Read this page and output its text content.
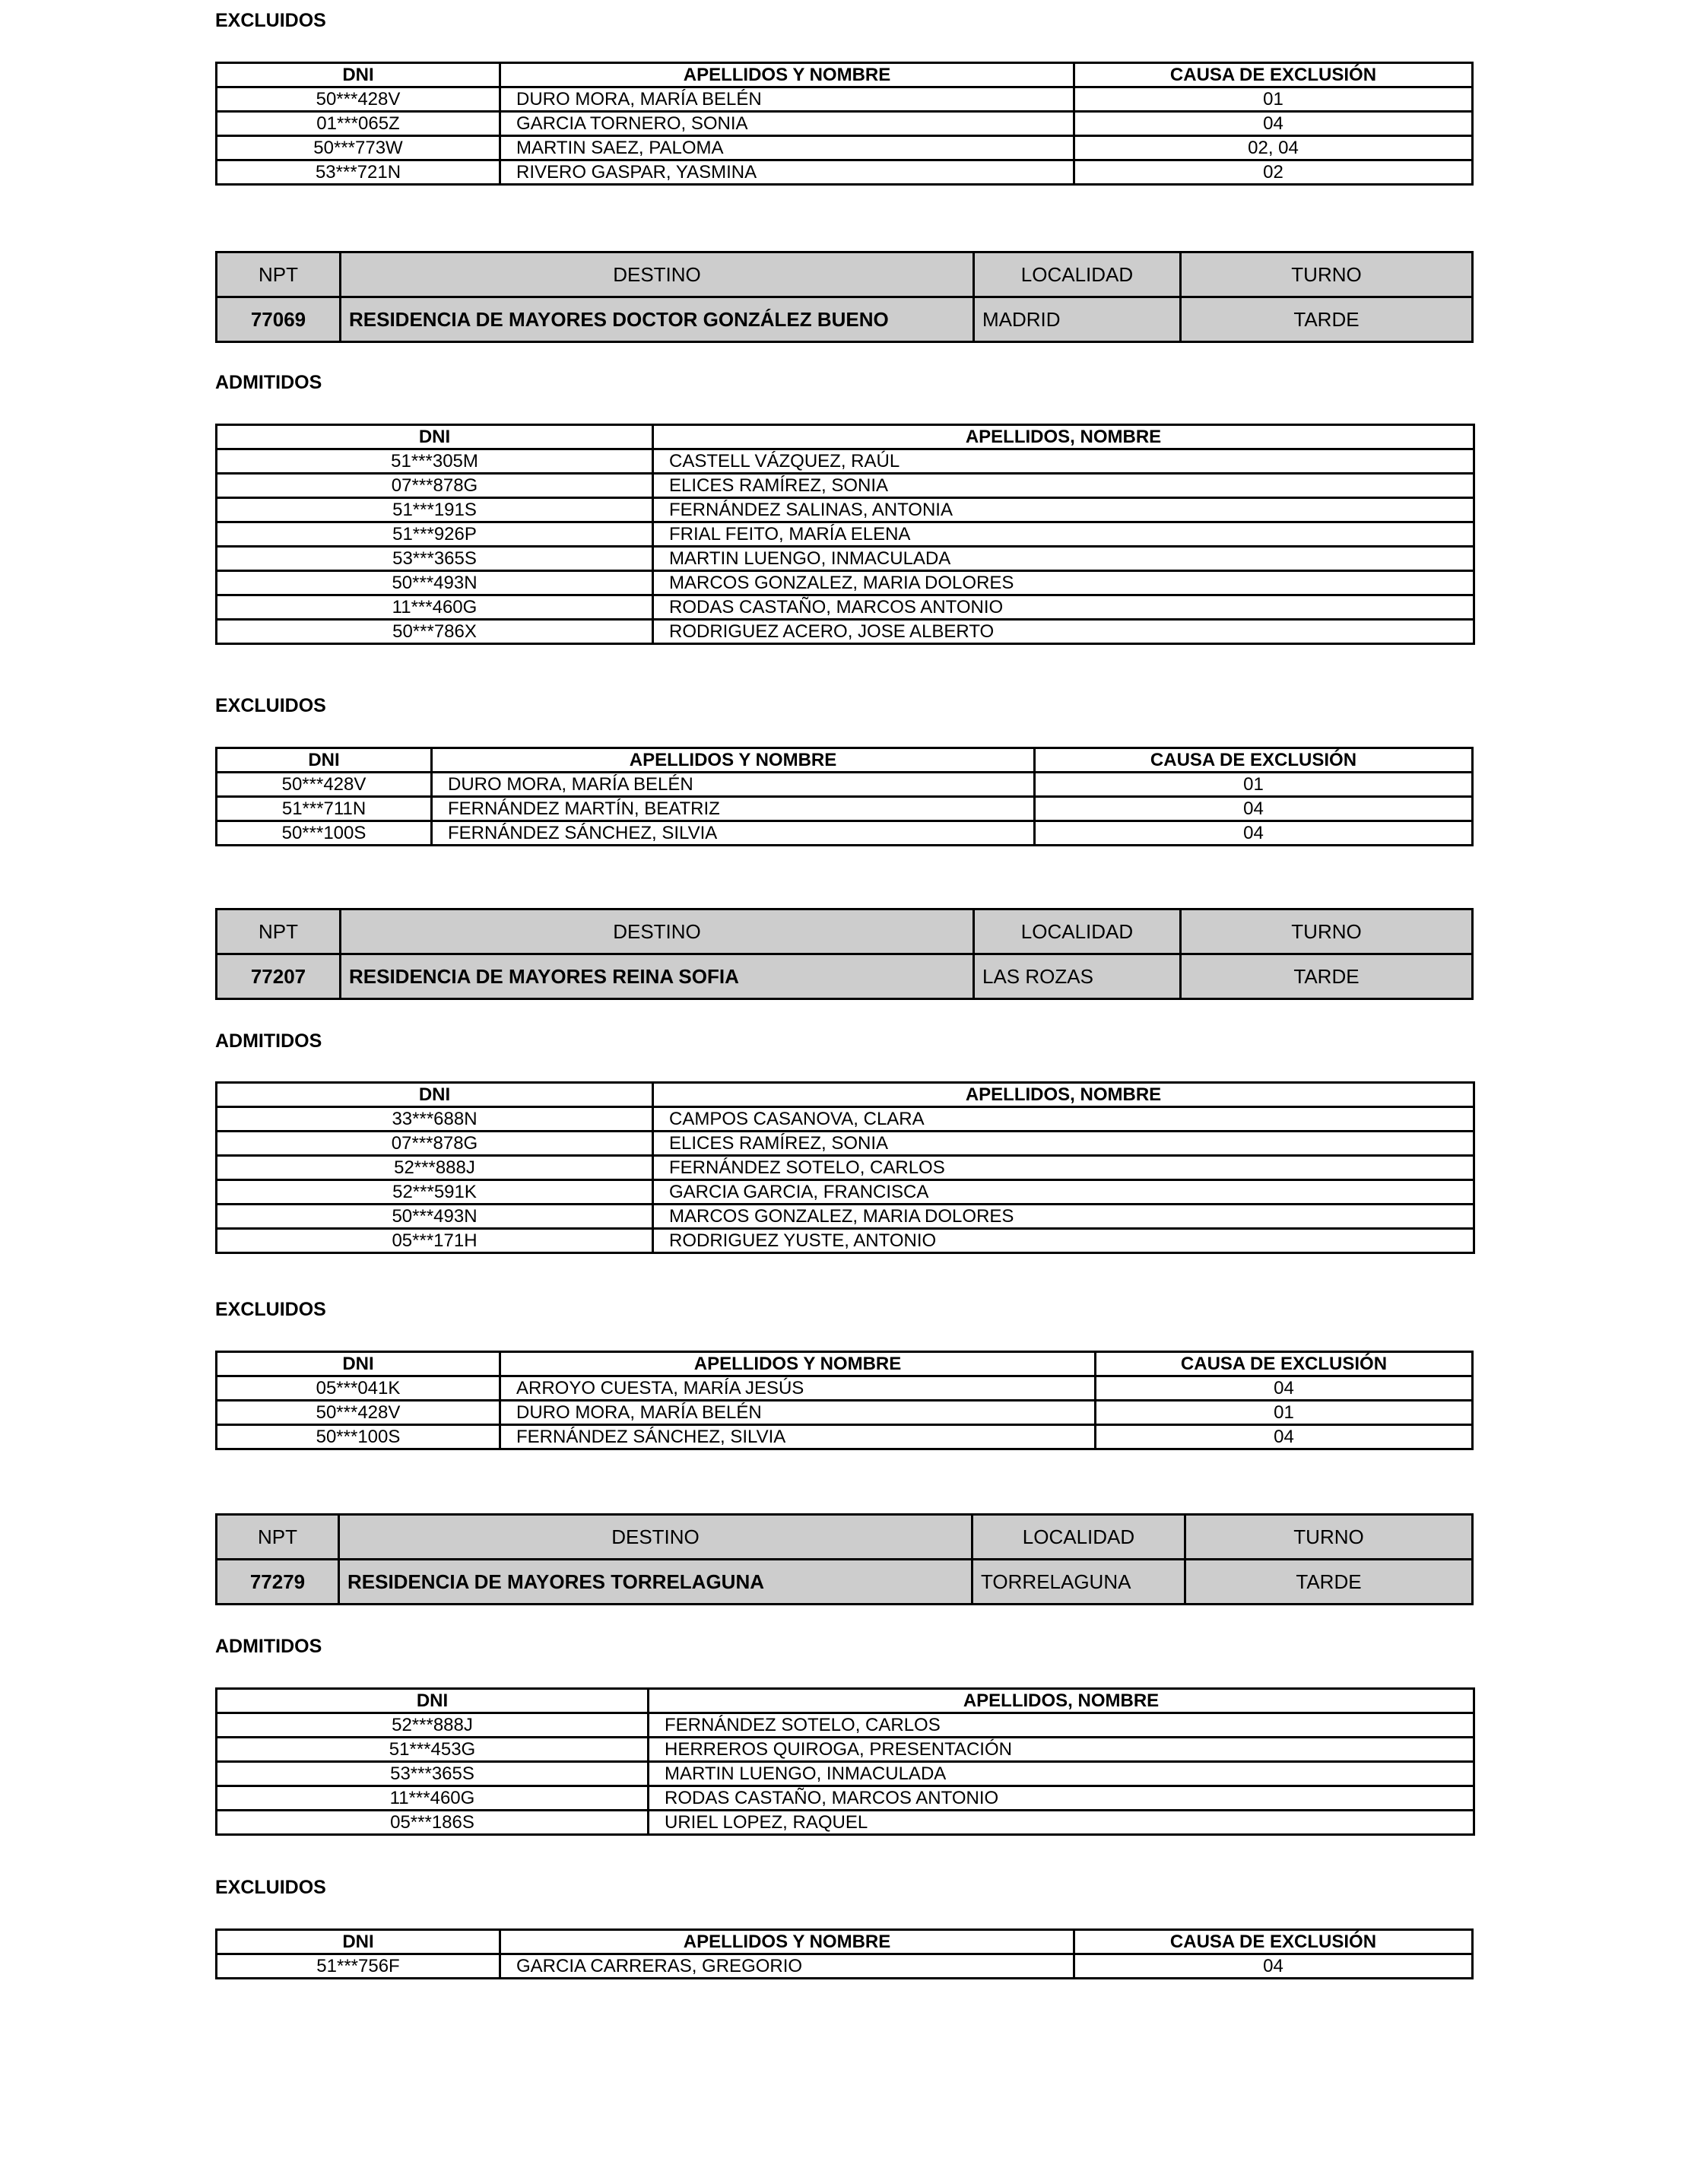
EXCLUIDOS
DNI	APELLIDOS Y NOMBRE	CAUSA DE EXCLUSIÓN
50***428V	DURO MORA, MARÍA BELÉN	01
01***065Z	GARCIA TORNERO, SONIA	04
50***773W	MARTIN SAEZ, PALOMA	02, 04
53***721N	RIVERO GASPAR, YASMINA	02
NPT	DESTINO	LOCALIDAD	TURNO
77069	RESIDENCIA DE MAYORES DOCTOR GONZÁLEZ BUENO	MADRID	TARDE
ADMITIDOS
DNI	APELLIDOS, NOMBRE
51***305M	CASTELL VÁZQUEZ, RAÚL
07***878G	ELICES RAMÍREZ, SONIA
51***191S	FERNÁNDEZ SALINAS, ANTONIA
51***926P	FRIAL FEITO, MARÍA ELENA
53***365S	MARTIN LUENGO, INMACULADA
50***493N	MARCOS GONZALEZ, MARIA DOLORES
11***460G	RODAS CASTAÑO, MARCOS ANTONIO
50***786X	RODRIGUEZ ACERO, JOSE ALBERTO
EXCLUIDOS
DNI	APELLIDOS Y NOMBRE	CAUSA DE EXCLUSIÓN
50***428V	DURO MORA, MARÍA BELÉN	01
51***711N	FERNÁNDEZ MARTÍN, BEATRIZ	04
50***100S	FERNÁNDEZ SÁNCHEZ, SILVIA	04
NPT	DESTINO	LOCALIDAD	TURNO
77207	RESIDENCIA DE MAYORES REINA SOFIA	LAS ROZAS	TARDE
ADMITIDOS
DNI	APELLIDOS, NOMBRE
33***688N	CAMPOS CASANOVA, CLARA
07***878G	ELICES RAMÍREZ, SONIA
52***888J	FERNÁNDEZ SOTELO, CARLOS
52***591K	GARCIA GARCIA, FRANCISCA
50***493N	MARCOS GONZALEZ, MARIA DOLORES
05***171H	RODRIGUEZ YUSTE, ANTONIO
EXCLUIDOS
DNI	APELLIDOS Y NOMBRE	CAUSA DE EXCLUSIÓN
05***041K	ARROYO CUESTA, MARÍA JESÚS	04
50***428V	DURO MORA, MARÍA BELÉN	01
50***100S	FERNÁNDEZ SÁNCHEZ, SILVIA	04
NPT	DESTINO	LOCALIDAD	TURNO
77279	RESIDENCIA DE MAYORES TORRELAGUNA	TORRELAGUNA	TARDE
ADMITIDOS
DNI	APELLIDOS, NOMBRE
52***888J	FERNÁNDEZ SOTELO, CARLOS
51***453G	HERREROS QUIROGA, PRESENTACIÓN
53***365S	MARTIN LUENGO, INMACULADA
11***460G	RODAS CASTAÑO, MARCOS ANTONIO
05***186S	URIEL LOPEZ, RAQUEL
EXCLUIDOS
DNI	APELLIDOS Y NOMBRE	CAUSA DE EXCLUSIÓN
51***756F	GARCIA CARRERAS, GREGORIO	04
